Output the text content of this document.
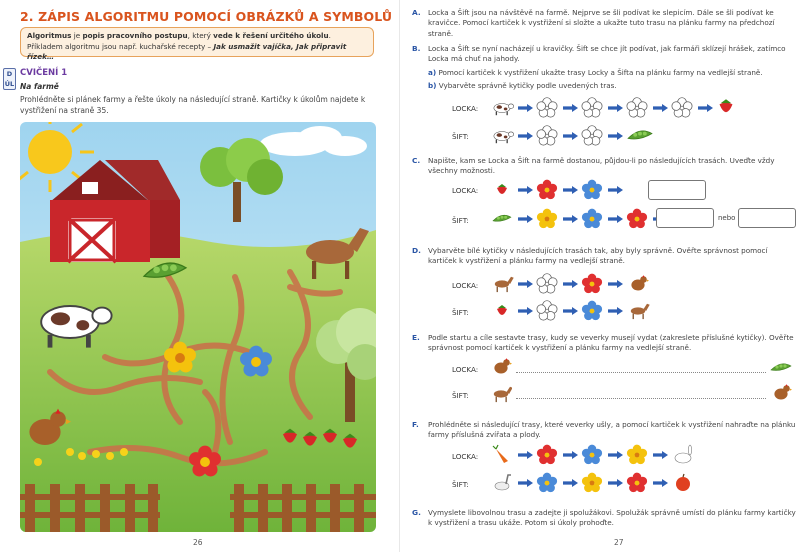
2. ZÁPIS ALGORITMU POMOCÍ OBRÁZKŮ A SYMBOLŮ
Algoritmus je popis pracovního postupu, který vede k řešení určitého úkolu. Příkladem algoritmu jsou např. kuchařské recepty – Jak usmažit vajíčka, Jak připravit řízek…
D
ÚL
CVIČENÍ 1
Na farmě
Prohlédněte si plánek farmy a řešte úkoly na následující straně. Kartičky k úkolům najdete k vystřižení na straně 35.
26
A. Locka a Šift jsou na návštěvě na farmě. Nejprve se šli podívat ke slepicím. Dále se šli podívat ke kravičce. Pomocí kartiček k vystřižení si složte a ukažte tuto trasu na plánku farmy na předchozí straně.
B. Locka a Šift se nyní nacházejí u kravičky. Šift se chce jít podívat, jak farmáři sklízejí hrášek, zatímco Locka má chuť na jahody.
a) Pomocí kartiček k vystřižení ukažte trasy Locky a Šifta na plánku farmy na vedlejší straně.
b) Vybarvěte správně kytičky podle uvedených tras.
LOCKA:
ŠIFT:
C. Napište, kam se Locka a Šift na farmě dostanou, půjdou-li po následujících trasách. Uveďte vždy všechny možnosti.
LOCKA:
ŠIFT:	nebo
D. Vybarvěte bílé kytičky v následujících trasách tak, aby byly správně. Ověřte správnost pomocí kartiček k vystřižení a plánku farmy na vedlejší straně.
LOCKA:
ŠIFT:
E. Podle startu a cíle sestavte trasy, kudy se veverky musejí vydat (zakreslete příslušné kytičky). Ověřte správnost pomocí kartiček k vystřižení a plánku farmy na vedlejší straně.
LOCKA:
ŠIFT:
F. Prohlédněte si následující trasy, které veverky ušly, a pomocí kartiček k vystřižení nahraďte na plánku farmy příslušná zvířata a plody.
LOCKA:
ŠIFT:
G. Vymyslete libovolnou trasu a zadejte ji spolužákovi. Spolužák správně umístí do plánku farmy kartičky k vystřižení a trasu ukáže. Potom si úkoly prohoďte.
27
